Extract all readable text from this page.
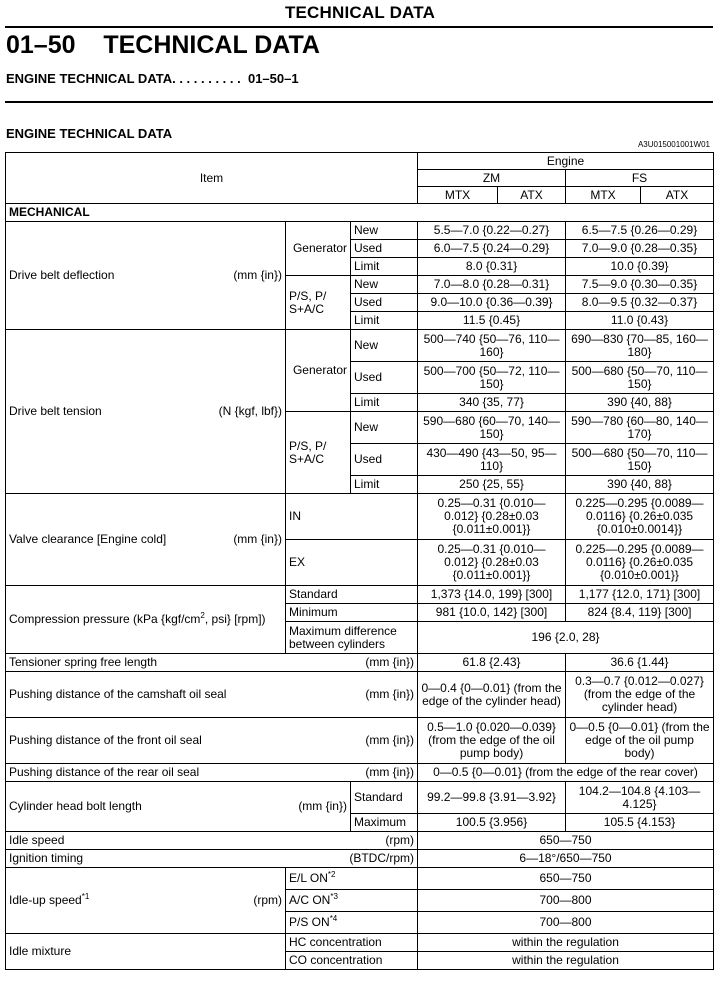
TECHNICAL DATA
01–50 TECHNICAL DATA
ENGINE TECHNICAL DATA. . . . . . . . . .  01–50–1
ENGINE TECHNICAL DATA
A3U015001001W01
Item			Engine			
			ZM		FS	
			MTX	ATX	MTX	ATX
MECHANICAL						

Drive belt deflection (mm {in})	Generator	New	5.5—7.0 {0.22—0.27}		6.5—7.5 {0.26—0.29}	
		Used	6.0—7.5 {0.24—0.29}		7.0—9.0 {0.28—0.35}	
		Limit	8.0 {0.31}		10.0 {0.39}	
	P/S, P/ S+A/C	New	7.0—8.0 {0.28—0.31}		7.5—9.0 {0.30—0.35}	
		Used	9.0—10.0 {0.36—0.39}		8.0—9.5 {0.32—0.37}	
		Limit	11.5 {0.45}		11.0 {0.43}	

Drive belt tension (N {kgf, lbf})	Generator	New	500—740 {50—76, 110—160}		690—830 {70—85, 160—180}	
		Used	500—700 {50—72, 110—150}		500—680 {50—70, 110—150}	
		Limit	340 {35, 77}		390 {40, 88}	
	P/S, P/ S+A/C	New	590—680 {60—70, 140—150}		590—780 {60—80, 140—170}	
		Used	430—490 {43—50, 95—110}		500—680 {50—70, 110—150}	
		Limit	250 {25, 55}		390 {40, 88}	

Valve clearance [Engine cold] (mm {in})	IN		0.25—0.31 {0.010—0.012} {0.28±0.03 {0.011±0.001}}		0.225—0.295 {0.0089—0.0116} {0.26±0.035 {0.010±0.0014}}	
	EX		0.25—0.31 {0.010—0.012} {0.28±0.03 {0.011±0.001}}		0.225—0.295 {0.0089—0.0116} {0.26±0.035 {0.010±0.001}}	
Compression pressure (kPa {$kgf/cm^2$, psi} [rpm])	Standard		1,373 {14.0, 199} [300]		1,177 {12.0, 171} [300]	
	Minimum		981 {10.0, 142} [300]		824 {8.4, 119} [300]	
	Maximum difference between cylinders		196 {2.0, 28}			

Tensioner spring free length (mm {in})			61.8 {2.43}		36.6 {1.44}	

Pushing distance of the camshaft oil seal (mm {in})			0—0.4 {0—0.01} (from the edge of the cylinder head)		0.3—0.7 {0.012—0.027} (from the edge of the cylinder head)	

Pushing distance of the front oil seal (mm {in})			0.5—1.0 {0.020—0.039} (from the edge of the oil pump body)		0—0.5 {0—0.01} (from the edge of the oil pump body)	

Pushing distance of the rear oil seal (mm {in})			0—0.5 {0—0.01} (from the edge of the rear cover)			

Cylinder head bolt length (mm {in})		Standard	99.2—99.8 {3.91—3.92}		104.2—104.8 {4.103—4.125}	
		Maximum	100.5 {3.956}		105.5 {4.153}	

Idle speed (rpm)			650—750			

Ignition timing (BTDC/rpm)			6—18°/650—750			

Idle-up speed$^{*1}$ (rpm)	E/L ON$^{*2}$		650—750			
	A/C ON$^{*3}$		700—800			
	P/S ON$^{*4}$		700—800			
Idle mixture	HC concentration		within the regulation			
	CO concentration		within the regulation			
